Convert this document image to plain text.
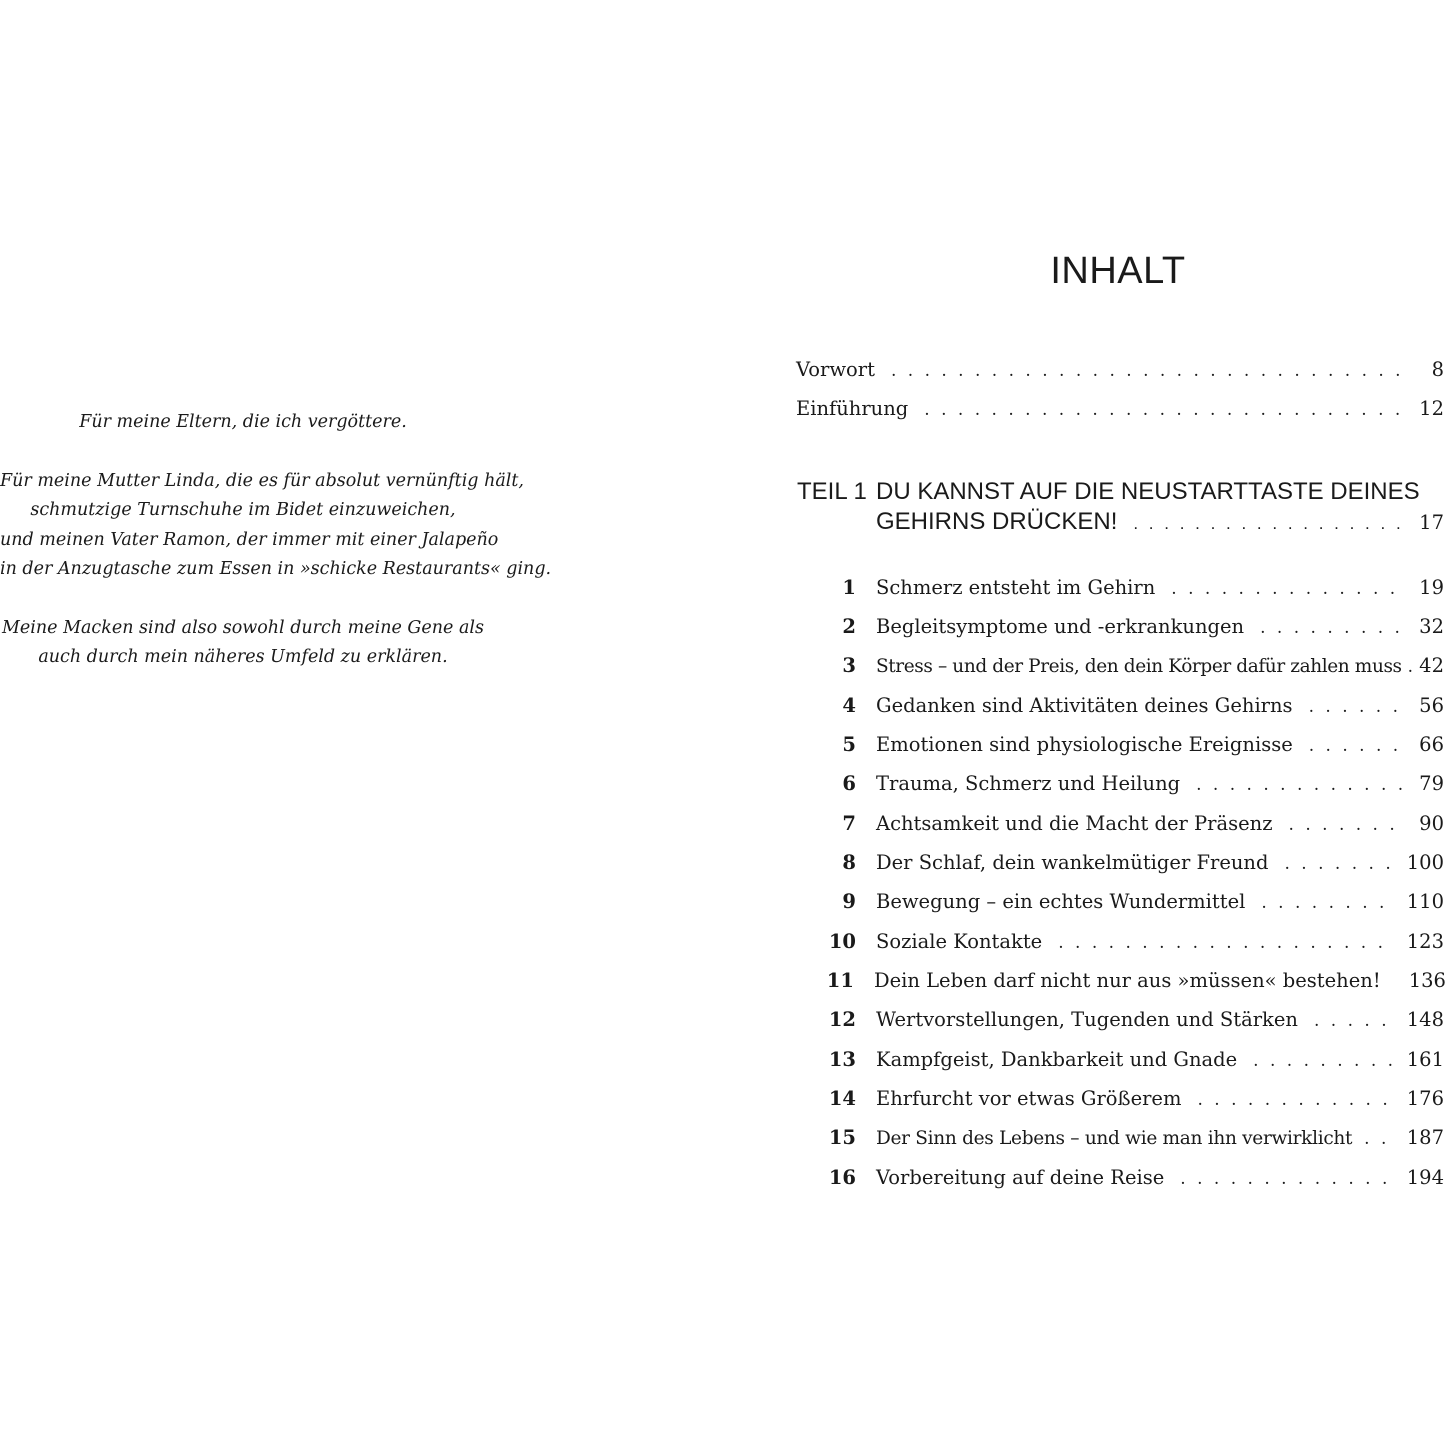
Für meine Eltern, die ich vergöttere.

Für meine Mutter Linda, die es für absolut vernünftig hält,
schmutzige Turnschuhe im Bidet einzuweichen,
und meinen Vater Ramon, der immer mit einer Jalapeño
in der Anzugtasche zum Essen in »schicke Restaurants« ging.

Meine Macken sind also sowohl durch meine Gene als
auch durch mein näheres Umfeld zu erklären.

INHALT
Vorwort . . .	8
Einführung . . .	12
TEIL 1 DU KANNST AUF DIE NEUSTARTTASTE DEINES
GEHIRNS DRÜCKEN! . . .	17
1 Schmerz entsteht im Gehirn . . .	19
2 Begleitsymptome und -erkrankungen . . .	32
3 Stress – und der Preis, den dein Körper dafür zahlen muss . . . 42
4 Gedanken sind Aktivitäten deines Gehirns . . .	56
5 Emotionen sind physiologische Ereignisse . . .	66
6 Trauma, Schmerz und Heilung . . .	79
7 Achtsamkeit und die Macht der Präsenz . . .	90
8 Der Schlaf, dein wankelmütiger Freund . . .	100
9 Bewegung – ein echtes Wundermittel . . .	110
10 Soziale Kontakte . . .	123
11 Dein Leben darf nicht nur aus »müssen« bestehen! 136
12 Wertvorstellungen, Tugenden und Stärken . . .	148
13 Kampfgeist, Dankbarkeit und Gnade . . .	161
14 Ehrfurcht vor etwas Größerem . . .	176
15 Der Sinn des Lebens – und wie man ihn verwirklicht . . .	187
16 Vorbereitung auf deine Reise . . .	194
